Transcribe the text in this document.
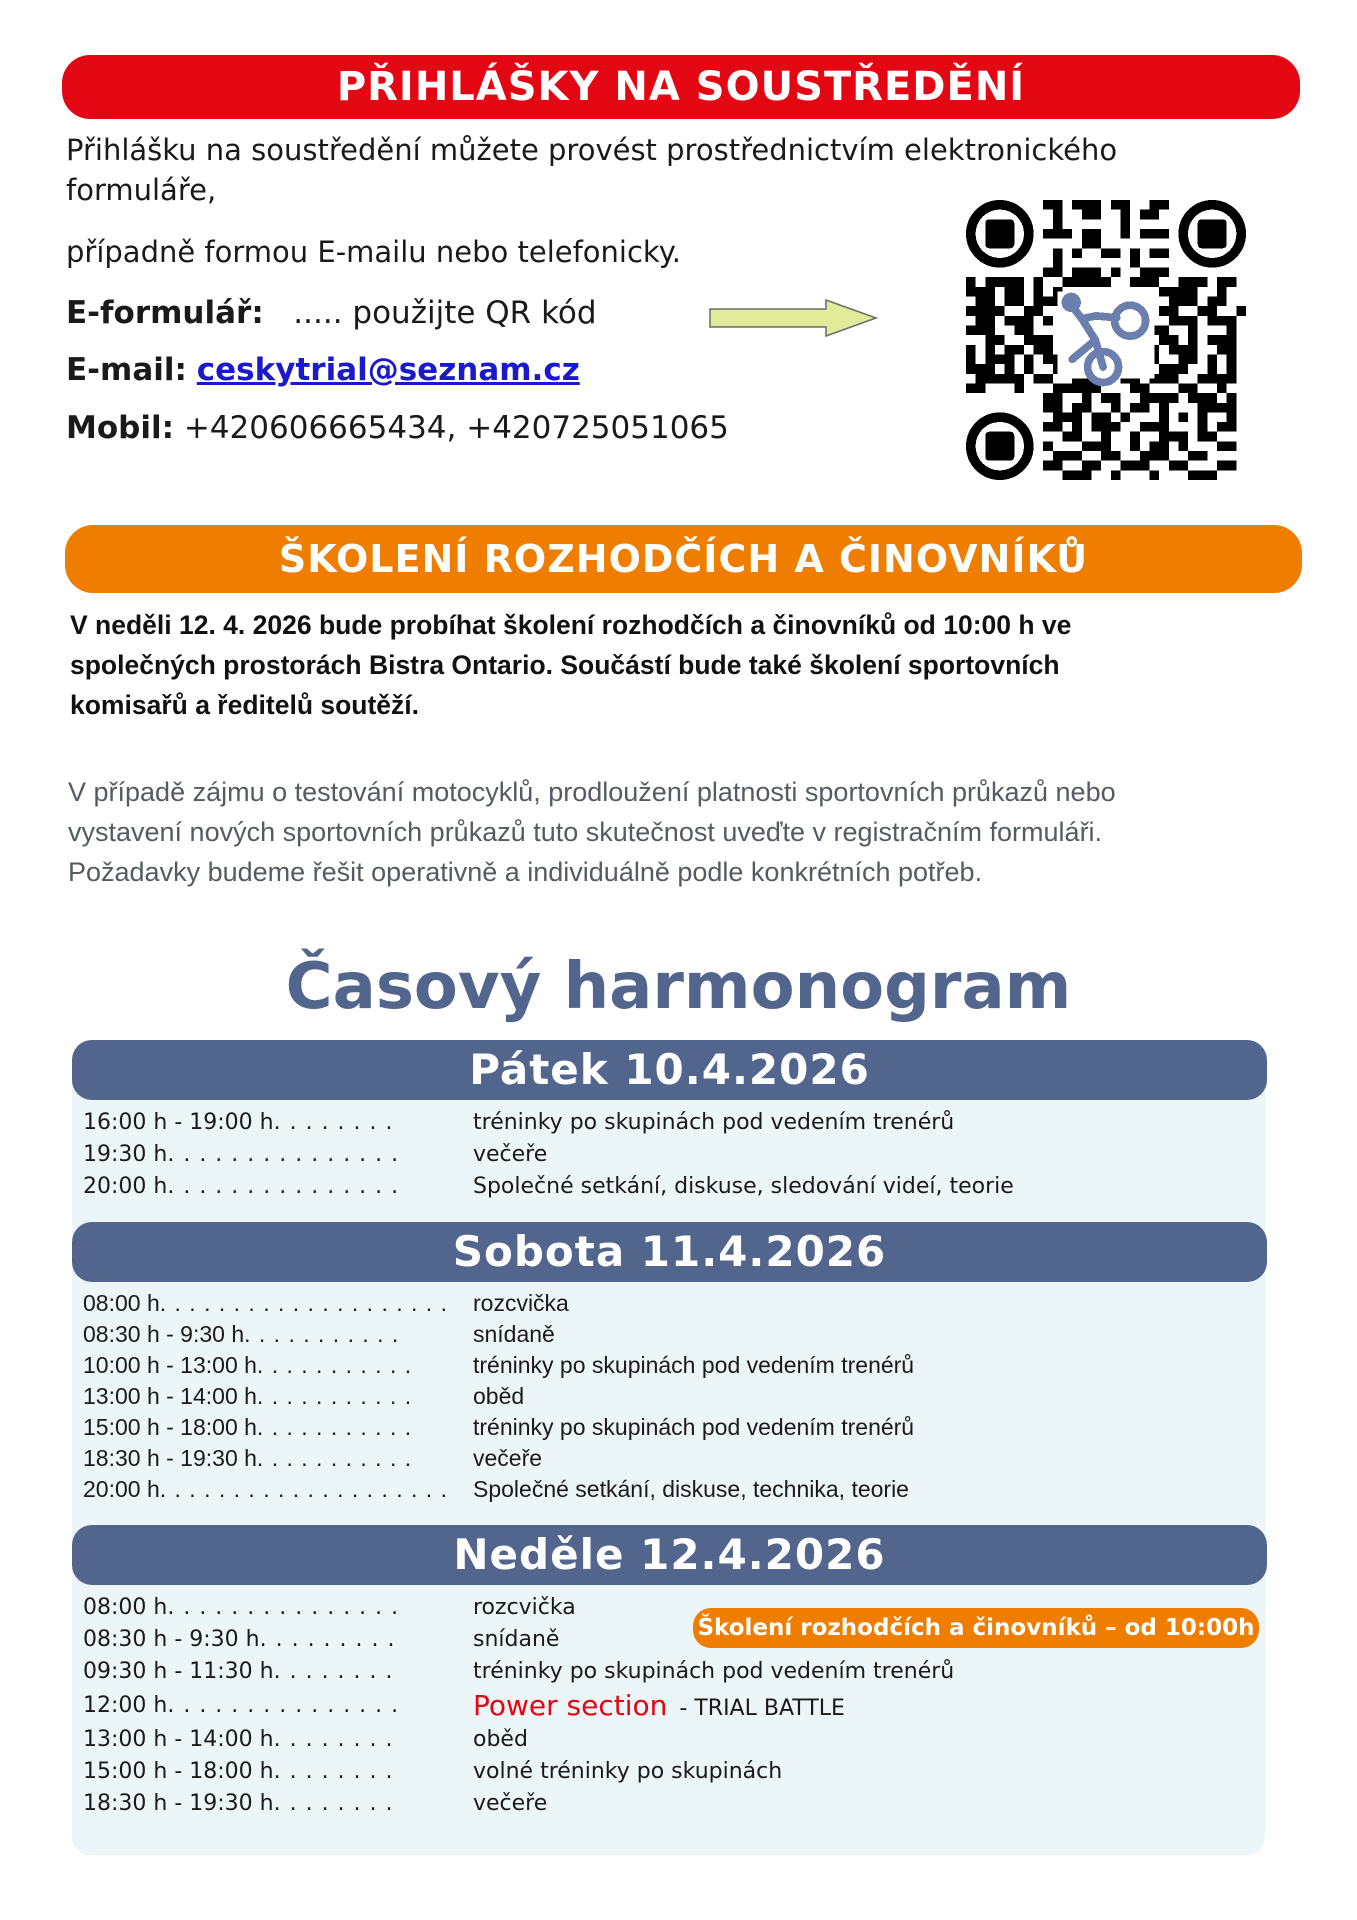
PŘIHLÁŠKY NA SOUSTŘEDĚNÍ
Přihlášku na soustředění můžete provést prostřednictvím elektronického
formuláře,
případně formou E-mailu nebo telefonicky.
E-formulář: ..... použijte QR kód
E-mail: ceskytrial@seznam.cz
Mobil: +420606665434, +420725051065
ŠKOLENÍ ROZHODČÍCH A ČINOVNÍKŮ
V neděli 12. 4. 2026 bude probíhat školení rozhodčích a činovníků od 10:00 h ve
společných prostorách Bistra Ontario. Součástí bude také školení sportovních
komisařů a ředitelů soutěží.
V případě zájmu o testování motocyklů, prodloužení platnosti sportovních průkazů nebo
vystavení nových sportovních průkazů tuto skutečnost uveďte v registračním formuláři.
Požadavky budeme řešit operativně a individuálně podle konkrétních potřeb.
Časový harmonogram
Pátek 10.4.2026
16:00 h - 19:00 h. . . . . . . .	tréninky po skupinách pod vedením trenérů
19:30 h. . . . . . . . . . . . . . .	večeře
20:00 h. . . . . . . . . . . . . . .	Společné setkání, diskuse, sledování videí, teorie
Sobota 11.4.2026
08:00 h. . . . . . . . . . . . . . . . . . . . rozcvička
08:30 h - 9:30 h. . . . . . . . . . .	snídaně
10:00 h - 13:00 h. . . . . . . . . . .	tréninky po skupinách pod vedením trenérů
13:00 h - 14:00 h. . . . . . . . . . .	oběd
15:00 h - 18:00 h. . . . . . . . . . .	tréninky po skupinách pod vedením trenérů
18:30 h - 19:30 h. . . . . . . . . . .	večeře
20:00 h. . . . . . . . . . . . . . . . . . . . Společné setkání, diskuse, technika, teorie
Neděle 12.4.2026
Školení rozhodčích a činovníků – od 10:00h
08:00 h. . . . . . . . . . . . . . .	rozcvička
08:30 h - 9:30 h. . . . . . . . .	snídaně
09:30 h - 11:30 h. . . . . . . .	tréninky po skupinách pod vedením trenérů
12:00 h. . . . . . . . . . . . . . .	Power section - TRIAL BATTLE
13:00 h - 14:00 h. . . . . . . .	oběd
15:00 h - 18:00 h. . . . . . . .	volné tréninky po skupinách
18:30 h - 19:30 h. . . . . . . .	večeře
